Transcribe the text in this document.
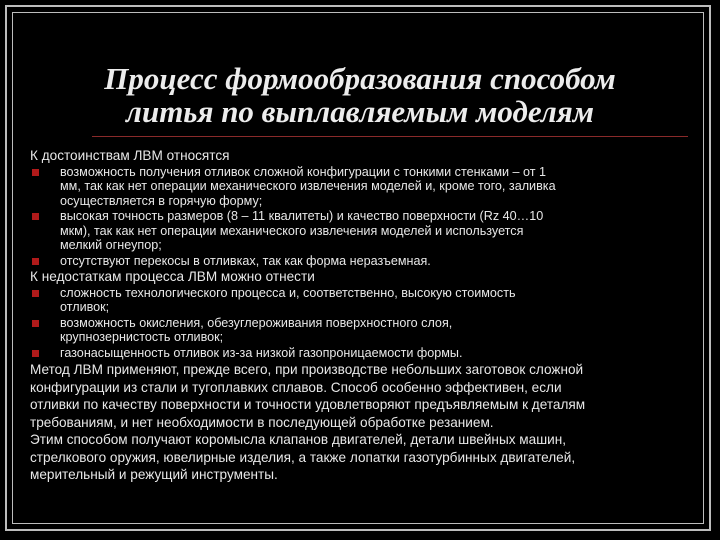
Процесс формообразования способом
литья по выплавляемым моделям

К достоинствам ЛВМ относятся

возможность получения отливок сложной конфигурации с тонкими стенками – от 1
мм, так как нет операции механического извлечения моделей и, кроме того, заливка
осуществляется в горячую форму;
высокая точность размеров (8 – 11 квалитеты) и качество поверхности (Rz 40…10
мкм), так как нет операции механического извлечения моделей и используется
мелкий огнеупор;
отсутствуют перекосы в отливках, так как форма неразъемная.

К недостаткам процесса ЛВМ можно отнести

сложность технологического процесса и, соответственно, высокую стоимость
отливок;
возможность окисления, обезуглероживания поверхностного слоя,
крупнозернистость отливок;
газонасыщенность отливок из-за низкой газопроницаемости формы.
Метод ЛВМ применяют, прежде всего, при производстве небольших заготовок сложной
конфигурации из стали и тугоплавких сплавов. Способ особенно эффективен, если
отливки по качеству поверхности и точности удовлетворяют предъявляемым к деталям
требованиям, и нет необходимости в последующей обработке резанием.
Этим способом получают коромысла клапанов двигателей, детали швейных машин,
стрелкового оружия, ювелирные изделия, а также лопатки газотурбинных двигателей,
мерительный и режущий инструменты.
